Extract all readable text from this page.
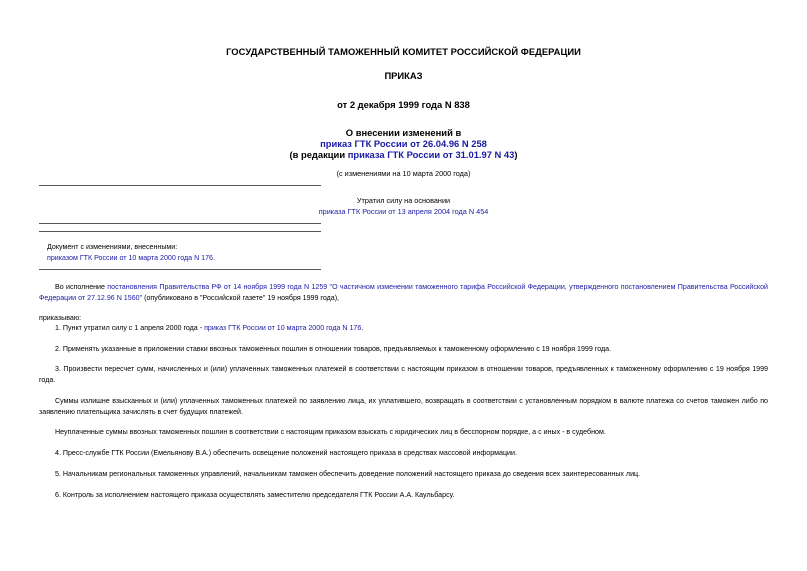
ГОСУДАРСТВЕННЫЙ ТАМОЖЕННЫЙ КОМИТЕТ РОССИЙСКОЙ ФЕДЕРАЦИИ
ПРИКАЗ
от 2 декабря 1999 года N 838
О внесении изменений в
приказ ГТК России от 26.04.96 N 258
(в редакции приказа ГТК России от 31.01.97 N 43)
(с изменениями на 10 марта 2000 года)
Утратил силу на основании
приказа ГТК России от 13 апреля 2004 года N 454
Документ с изменениями, внесенными:
приказом ГТК России от 10 марта 2000 года N 176.
Во исполнение постановления Правительства РФ от 14 ноября 1999 года N 1259 "О частичном изменении таможенного тарифа Российской Федерации, утвержденного постановлением Правительства Российской Федерации от 27.12.96 N 1560" (опубликовано в "Российской газете" 19 ноября 1999 года),
приказываю:
1. Пункт утратил силу с 1 апреля 2000 года - приказ ГТК России от 10 марта 2000 года N 176.
2. Применять указанные в приложении ставки ввозных таможенных пошлин в отношении товаров, предъявляемых к таможенному оформлению с 19 ноября 1999 года.
3. Произвести пересчет сумм, начисленных и (или) уплаченных таможенных платежей в соответствии с настоящим приказом в отношении товаров, предъявленных к таможенному оформлению с 19 ноября 1999 года.
Суммы излишне взысканных и (или) уплаченных таможенных платежей по заявлению лица, их уплатившего, возвращать в соответствии с установленным порядком в валюте платежа со счетов таможен либо по заявлению плательщика зачислять в счет будущих платежей.
Неуплаченные суммы ввозных таможенных пошлин в соответствии с настоящим приказом взыскать с юридических лиц в бесспорном порядке, а с иных - в судебном.
4. Пресс-службе ГТК России (Емельянову В.А.) обеспечить освещение положений настоящего приказа в средствах массовой информации.
5. Начальникам региональных таможенных управлений, начальникам таможен обеспечить доведение положений настоящего приказа до сведения всех заинтересованных лиц.
6. Контроль за исполнением настоящего приказа осуществлять заместителю председателя ГТК России А.А. Каульбарсу.
